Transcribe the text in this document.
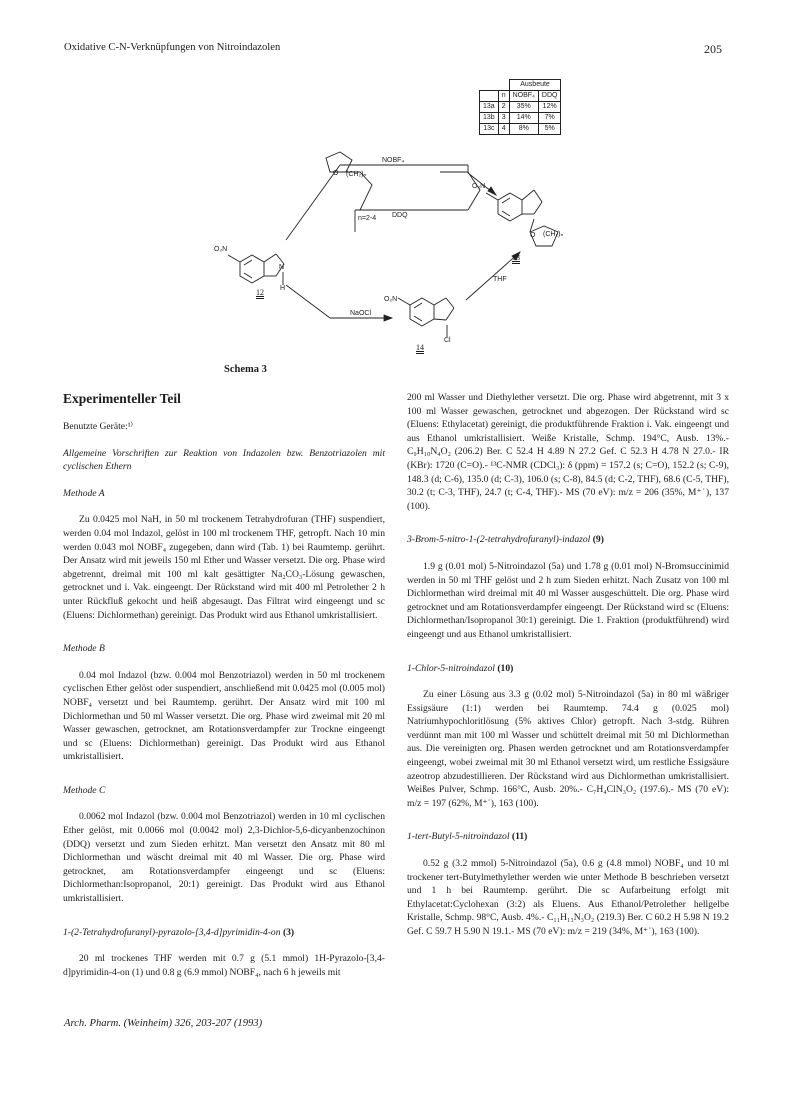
Oxidative C-N-Verknüpfungen von Nitroindazolen	205
NOBF₄
DDQ
n=2-4
NaOCl
THF
O (CH₂)ₙ
O₂N
N
H
12
O₂N
13
O (CH₂)ₙ
O₂N
Cl
14
		Ausbeute	
	n	NOBF₄	DDQ
13a	2	35%	12%
13b	3	14%	7%
13c	4	8%	5%
Schema 3
Experimenteller Teil

Benutzte Geräte:¹⁾

Allgemeine Vorschriften zur Reaktion von Indazolen bzw. Benzotriazolen mit cyclischen Ethern

Methode A

Zu 0.0425 mol NaH, in 50 ml trockenem Tetrahydrofuran (THF) suspendiert, werden 0.04 mol Indazol, gelöst in 100 ml trockenem THF, getropft. Nach 10 min werden 0.043 mol NOBF₄ zugegeben, dann wird (Tab. 1) bei Raumtemp. gerührt. Der Ansatz wird mit jeweils 150 ml Ether und Wasser versetzt. Die org. Phase wird abgetrennt, dreimal mit 100 ml kalt gesättigter Na₂CO₃-Lösung gewaschen, getrocknet und i. Vak. eingeengt. Der Rückstand wird mit 400 ml Petrolether 2 h unter Rückfluß gekocht und heiß abgesaugt. Das Filtrat wird eingeengt und sc (Eluens: Dichlormethan) gereinigt. Das Produkt wird aus Ethanol umkristallisiert.

Methode B

0.04 mol Indazol (bzw. 0.004 mol Benzotriazol) werden in 50 ml trockenem cyclischen Ether gelöst oder suspendiert, anschließend mit 0.0425 mol (0.005 mol) NOBF₄ versetzt und bei Raumtemp. gerührt. Der Ansatz wird mit 100 ml Dichlormethan und 50 ml Wasser versetzt. Die org. Phase wird zweimal mit 20 ml Wasser gewaschen, getrocknet, am Rotationsverdampfer zur Trockne eingeengt und sc (Eluens: Dichlormethan) gereinigt. Das Produkt wird aus Ethanol umkristallisiert.

Methode C

0.0062 mol Indazol (bzw. 0.004 mol Benzotriazol) werden in 10 ml cyclischen Ether gelöst, mit 0.0066 mol (0.0042 mol) 2,3-Dichlor-5,6-dicyanbenzochinon (DDQ) versetzt und zum Sieden erhitzt. Man versetzt den Ansatz mit 80 ml Dichlormethan und wäscht dreimal mit 40 ml Wasser. Die org. Phase wird getrocknet, am Rotationsverdampfer eingeengt und sc (Eluens: Dichlormethan:Isopropanol, 20:1) gereinigt. Das Produkt wird aus Ethanol umkristallisiert.

1-(2-Tetrahydrofuranyl)-pyrazolo-[3,4-d]pyrimidin-4-on (3)

20 ml trockenes THF werden mit 0.7 g (5.1 mmol) 1H-Pyrazolo-[3,4-d]pyrimidin-4-on (1) und 0.8 g (6.9 mmol) NOBF₄, nach 6 h jeweils mit

200 ml Wasser und Diethylether versetzt. Die org. Phase wird abgetrennt, mit 3 x 100 ml Wasser gewaschen, getrocknet und abgezogen. Der Rückstand wird sc (Eluens: Ethylacetat) gereinigt, die produktführende Fraktion i. Vak. eingeengt und aus Ethanol umkristallisiert. Weiße Kristalle, Schmp. 194°C, Ausb. 13%.- C₉H₁₀N₄O₂ (206.2) Ber. C 52.4 H 4.89 N 27.2 Gef. C 52.3 H 4.78 N 27.0.- IR (KBr): 1720 (C=O).- ¹³C-NMR (CDCl₃): δ (ppm) = 157.2 (s; C=O), 152.2 (s; C-9), 148.3 (d; C-6), 135.0 (d; C-3), 106.0 (s; C-8), 84.5 (d; C-2, THF), 68.6 (C-5, THF), 30.2 (t; C-3, THF), 24.7 (t; C-4, THF).- MS (70 eV): m/z = 206 (35%, M⁺˙), 137 (100).

3-Brom-5-nitro-1-(2-tetrahydrofuranyl)-indazol (9)

1.9 g (0.01 mol) 5-Nitroindazol (5a) und 1.78 g (0.01 mol) N-Bromsuccinimid werden in 50 ml THF gelöst und 2 h zum Sieden erhitzt. Nach Zusatz von 100 ml Dichlormethan wird dreimal mit 40 ml Wasser ausgeschüttelt. Die org. Phase wird getrocknet und am Rotationsverdampfer eingeengt. Der Rückstand wird sc (Eluens: Dichlormethan/Isopropanol 30:1) gereinigt. Die 1. Fraktion (produktführend) wird eingeengt und aus Ethanol umkristallisiert.

1-Chlor-5-nitroindazol (10)

Zu einer Lösung aus 3.3 g (0.02 mol) 5-Nitroindazol (5a) in 80 ml wäßriger Essigsäure (1:1) werden bei Raumtemp. 74.4 g (0.025 mol) Natriumhypochloritlösung (5% aktives Chlor) getropft. Nach 3-stdg. Rühren verdünnt man mit 100 ml Wasser und schüttelt dreimal mit 50 ml Dichlormethan aus. Die vereinigten org. Phasen werden getrocknet und am Rotationsverdampfer eingeengt, wobei zweimal mit 30 ml Ethanol versetzt wird, um restliche Essigsäure azeotrop abzudestillieren. Der Rückstand wird aus Dichlormethan umkristallisiert. Weißes Pulver, Schmp. 166°C, Ausb. 20%.- C₇H₄ClN₃O₂ (197.6).- MS (70 eV): m/z = 197 (62%, M⁺˙), 163 (100).

1-tert-Butyl-5-nitroindazol (11)

0.52 g (3.2 mmol) 5-Nitroindazol (5a), 0.6 g (4.8 mmol) NOBF₄ und 10 ml trockener tert-Butylmethylether werden wie unter Methode B beschrieben versetzt und 1 h bei Raumtemp. gerührt. Die sc Aufarbeitung erfolgt mit Ethylacetat:Cyclohexan (3:2) als Eluens. Aus Ethanol/Petrolether hellgelbe Kristalle, Schmp. 98°C, Ausb. 4%.- C₁₁H₁₃N₃O₂ (219.3) Ber. C 60.2 H 5.98 N 19.2 Gef. C 59.7 H 5.90 N 19.1.- MS (70 eV): m/z = 219 (34%, M⁺˙), 163 (100).

Arch. Pharm. (Weinheim) 326, 203-207 (1993)
